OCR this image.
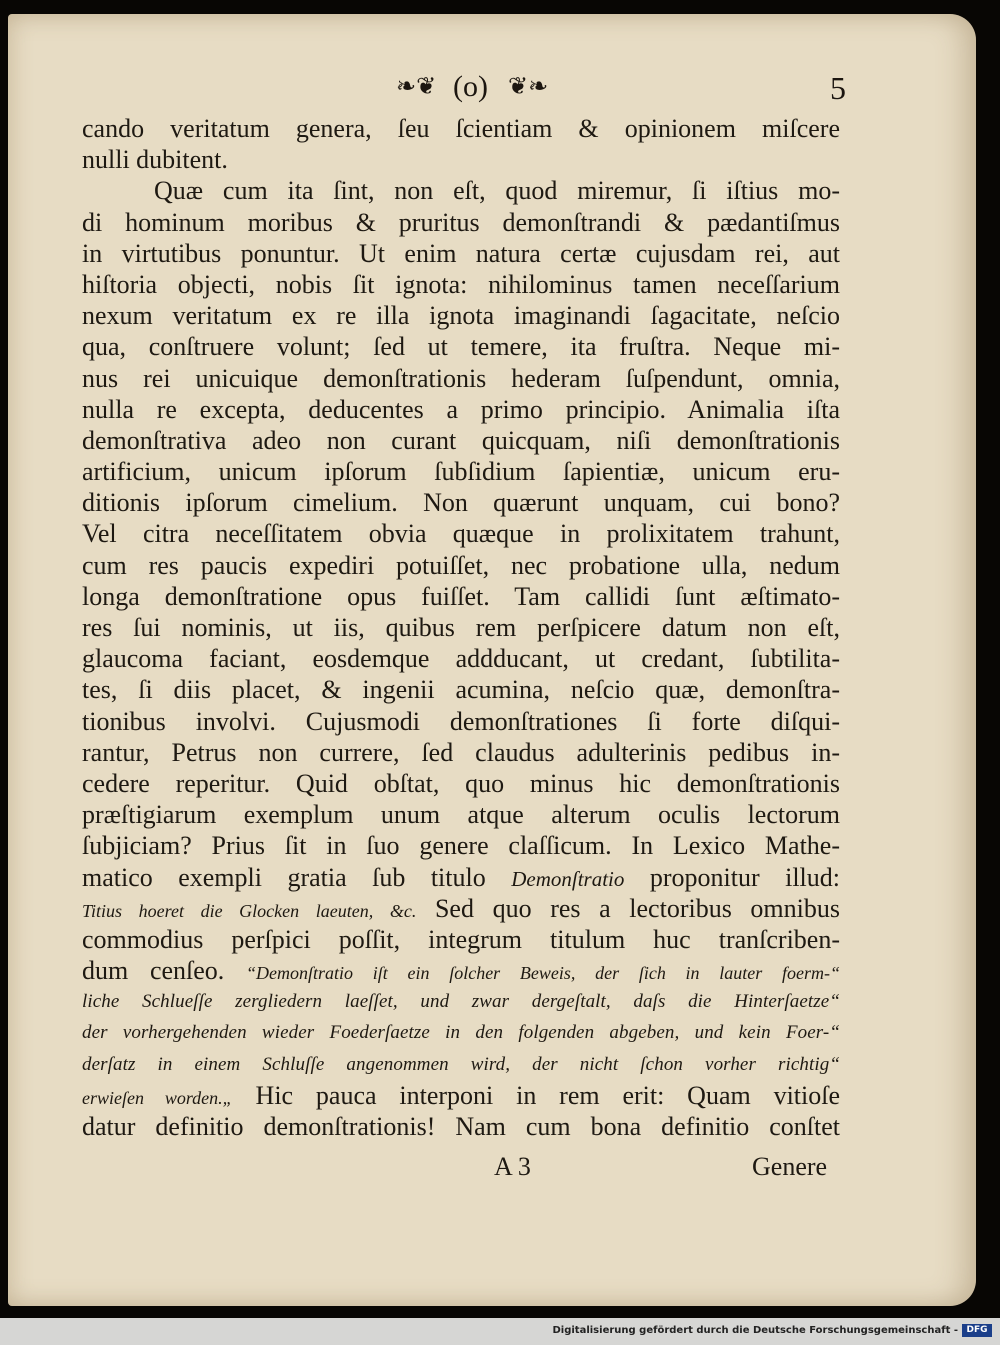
❧❦ (o) ❦❧	5
cando veritatum genera, ſeu ſcientiam & opinionem miſcere
nulli dubitent.
Quæ cum ita ſint, non eſt, quod miremur, ſi iſtius mo-
di hominum moribus & pruritus demonſtrandi & pædantiſmus
in virtutibus ponuntur. Ut enim natura certæ cujusdam rei, aut
hiſtoria objecti, nobis ſit ignota: nihilominus tamen neceſſarium
nexum veritatum ex re illa ignota imaginandi ſagacitate, neſcio
qua, conſtruere volunt; ſed ut temere, ita fruſtra. Neque mi-
nus rei unicuique demonſtrationis hederam ſuſpendunt, omnia,
nulla re excepta, deducentes a primo principio. Animalia iſta
demonſtrativa adeo non curant quicquam, niſi demonſtrationis
artificium, unicum ipſorum ſubſidium ſapientiæ, unicum eru-
ditionis ipſorum cimelium. Non quærunt unquam, cui bono?
Vel citra neceſſitatem obvia quæque in prolixitatem trahunt,
cum res paucis expediri potuiſſet, nec probatione ulla, nedum
longa demonſtratione opus fuiſſet. Tam callidi ſunt æſtimato-
res ſui nominis, ut iis, quibus rem perſpicere datum non eſt,
glaucoma faciant, eosdemque addducant, ut credant, ſubtilita-
tes, ſi diis placet, & ingenii acumina, neſcio quæ, demonſtra-
tionibus involvi. Cujusmodi demonſtrationes ſi forte diſqui-
rantur, Petrus non currere, ſed claudus adulterinis pedibus in-
cedere reperitur. Quid obſtat, quo minus hic demonſtrationis
præſtigiarum exemplum unum atque alterum oculis lectorum
ſubjiciam? Prius ſit in ſuo genere claſſicum. In Lexico Mathe-
matico exempli gratia ſub titulo Demonſtratio proponitur illud:
Titius hoeret die Glocken laeuten, &c. Sed quo res a lectoribus omnibus
commodius perſpici poſſit, integrum titulum huc tranſcriben-
dum cenſeo. “Demonſtratio iſt ein ſolcher Beweis, der ſich in lauter foerm-“
liche Schlueſſe zergliedern laeſſet, und zwar dergeſtalt, daſs die Hinterſaetze“
der vorhergehenden wieder Foederſaetze in den folgenden abgeben, und kein Foer-“
derſatz in einem Schluſſe angenommen wird, der nicht ſchon vorher richtig“
erwieſen worden.„ Hic pauca interponi in rem erit: Quam vitioſe
datur definitio demonſtrationis! Nam cum bona definitio conſtet
A 3	Genere
Digitalisierung gefördert durch die Deutsche Forschungsgemeinschaft - DFG
